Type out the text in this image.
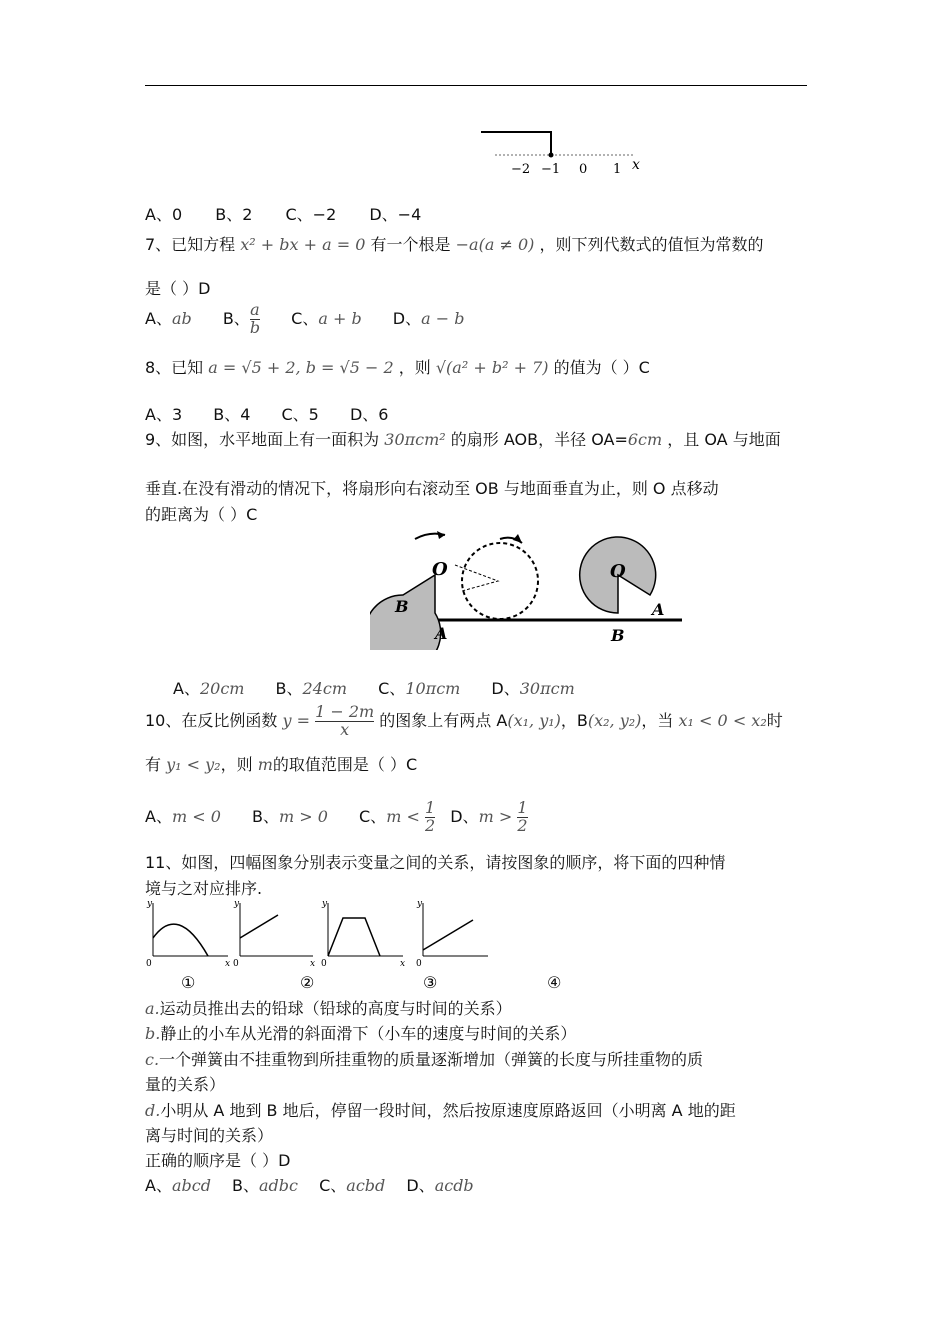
−2 −1 0 1 x
A、0 B、2 C、−2 D、−4
7、已知方程 x² + bx + a = 0 有一个根是 −a(a ≠ 0) ，则下列代数式的值恒为常数的
是（ ）D
A、ab B、 $\frac{a}{b}$ C、a + b D、a − b
8、已知 a = √5 + 2, b = √5 − 2 ，则 √(a² + b² + 7) 的值为（ ）C
A、3 B、4 C、5 D、6
9、如图，水平地面上有一面积为 30πcm² 的扇形 AOB，半径 OA=6cm ，且 OA 与地面
垂直.在没有滑动的情况下，将扇形向右滚动至 OB 与地面垂直为止，则 O 点移动
的距离为（ ）C
O
B
A
O
A
B
A、20cm B、24cm C、10πcm D、30πcm
10、在反比例函数 $y = \frac{1 - 2m}{x}$ 的图象上有两点 A(x₁, y₁)，B(x₂, y₂)，当 x₁ < 0 < x₂时
有 y₁ < y₂，则 m的取值范围是（ ）C
A、m < 0 B、m > 0 C、$m < \frac{1}{2}$ D、$m > \frac{1}{2}$
11、如图，四幅图象分别表示变量之间的关系，请按图象的顺序，将下面的四种情
境与之对应排序.
y
x
0
①
y
x
0
②
y
x
0
③
y
0
④
a.运动员推出去的铅球（铅球的高度与时间的关系）
b.静止的小车从光滑的斜面滑下（小车的速度与时间的关系）
c.一个弹簧由不挂重物到所挂重物的质量逐渐增加（弹簧的长度与所挂重物的质
量的关系）
d.小明从 A 地到 B 地后，停留一段时间，然后按原速度原路返回（小明离 A 地的距
离与时间的关系）
正确的顺序是（ ）D
A、abcd B、adbc C、acbd D、acdb
